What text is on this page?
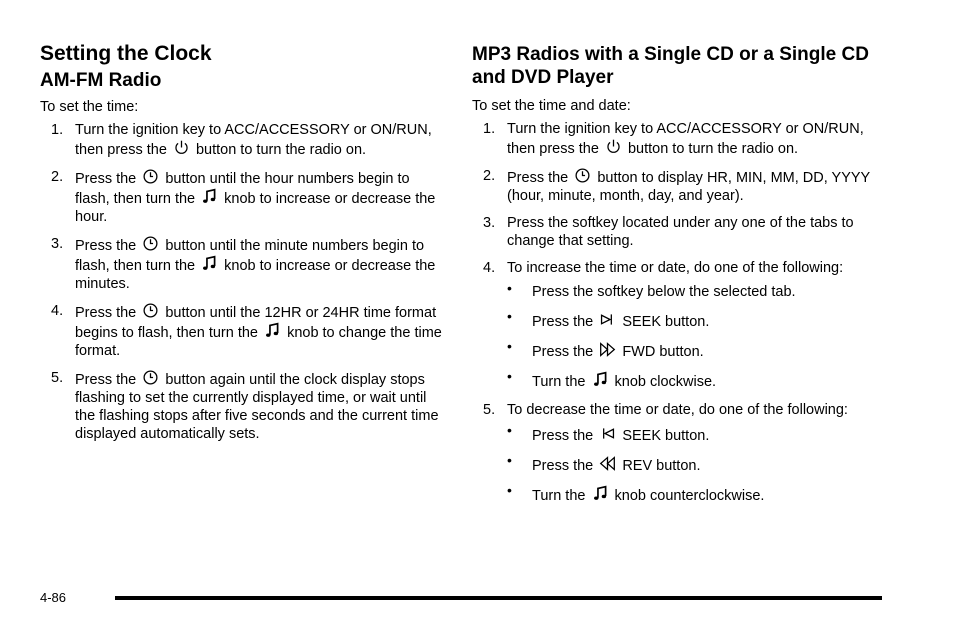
Setting the Clock
AM-FM Radio

To set the time:

1. Turn the ignition key to ACC/ACCESSORY or ON/RUN, then press the button to turn the radio on.
2. Press the button until the hour numbers begin to flash, then turn the knob to increase or decrease the hour.
3. Press the button until the minute numbers begin to flash, then turn the knob to increase or decrease the minutes.
4. Press the button until the 12HR or 24HR time format begins to flash, then turn the knob to change the time format.
5. Press the button again until the clock display stops flashing to set the currently displayed time, or wait until the flashing stops after five seconds and the current time displayed automatically sets.
MP3 Radios with a Single CD or a Single CD and DVD Player

To set the time and date:

1. Turn the ignition key to ACC/ACCESSORY or ON/RUN, then press the button to turn the radio on.
2. Press the button to display HR, MIN, MM, DD, YYYY (hour, minute, month, day, and year).
3. Press the softkey located under any one of the tabs to change that setting.
4. To increase the time or date, do one of the following:
• Press the softkey below the selected tab.
• Press the SEEK button.
• Press the FWD button.
• Turn the knob clockwise.
5. To decrease the time or date, do one of the following:
• Press the SEEK button.
• Press the REV button.
• Turn the knob counterclockwise.
4-86
